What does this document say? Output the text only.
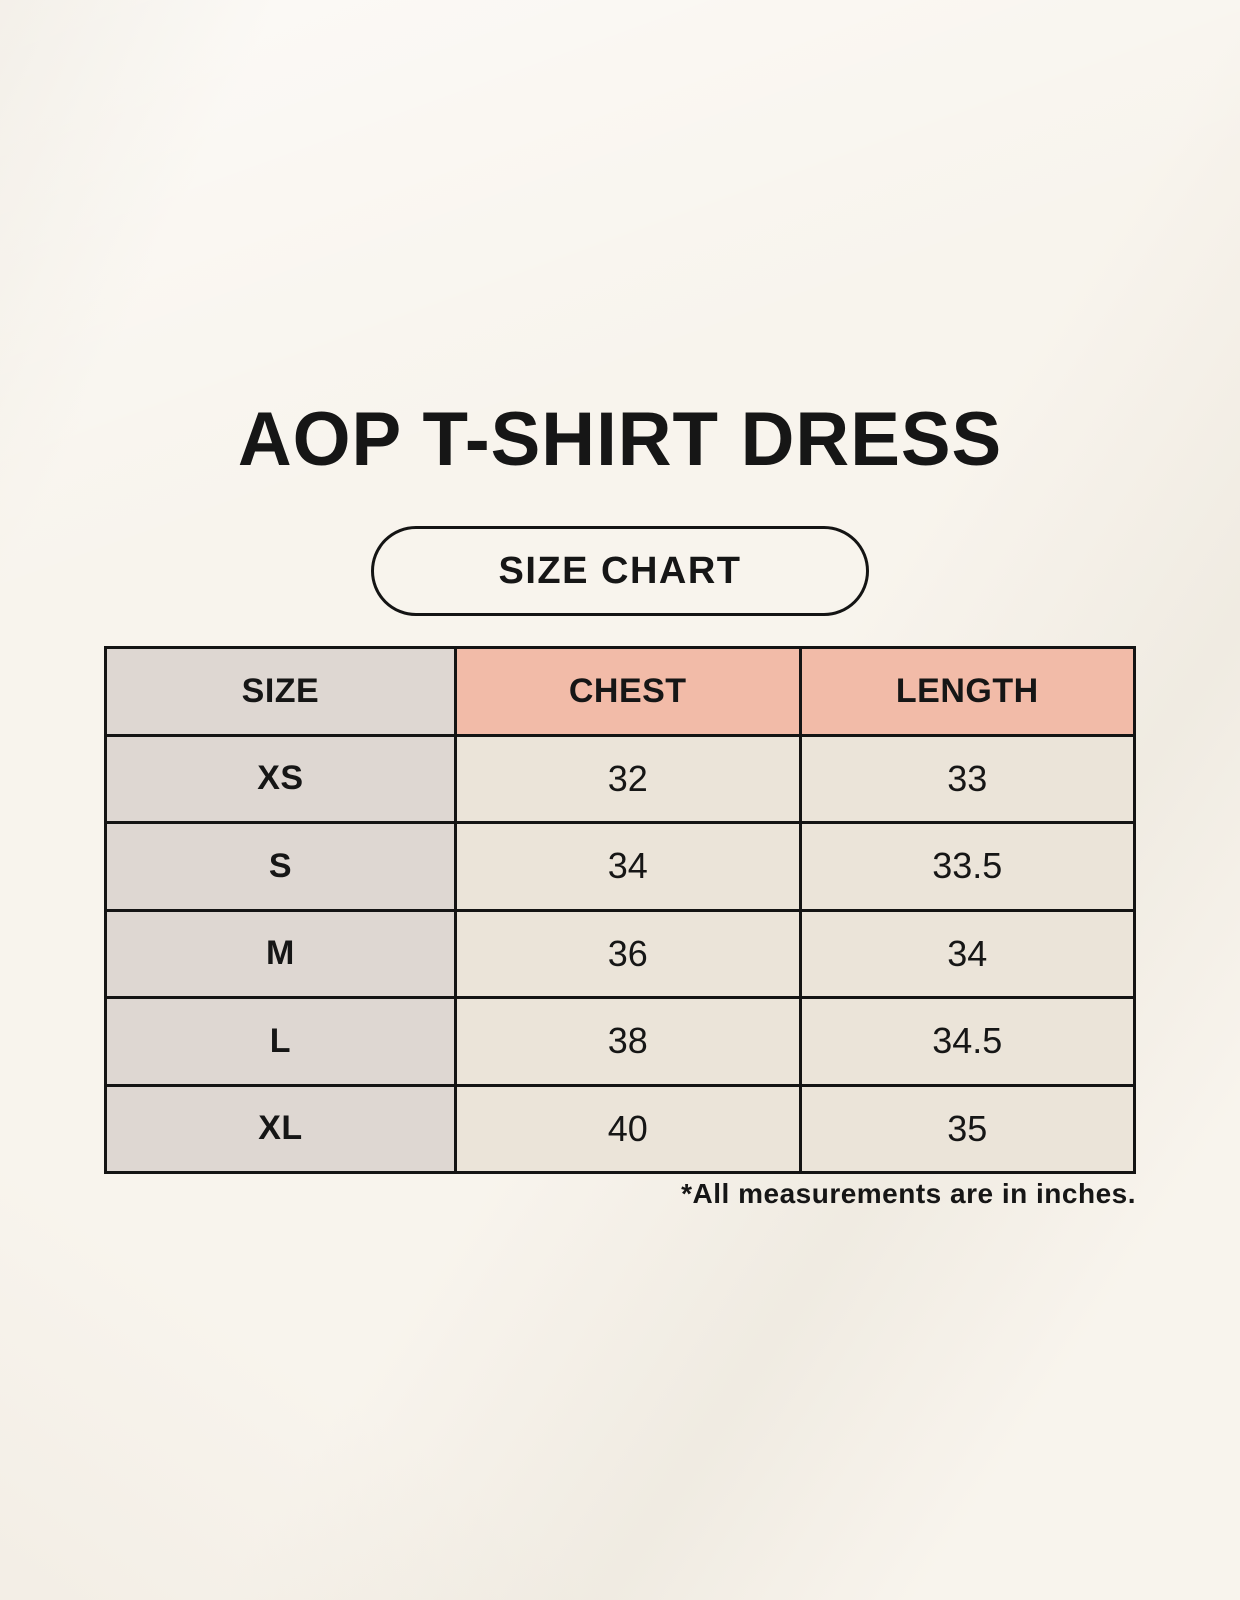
AOP T-SHIRT DRESS
SIZE CHART
SIZE	CHEST	LENGTH
XS	32	33
S	34	33.5
M	36	34
L	38	34.5
XL	40	35
*All measurements are in inches.
